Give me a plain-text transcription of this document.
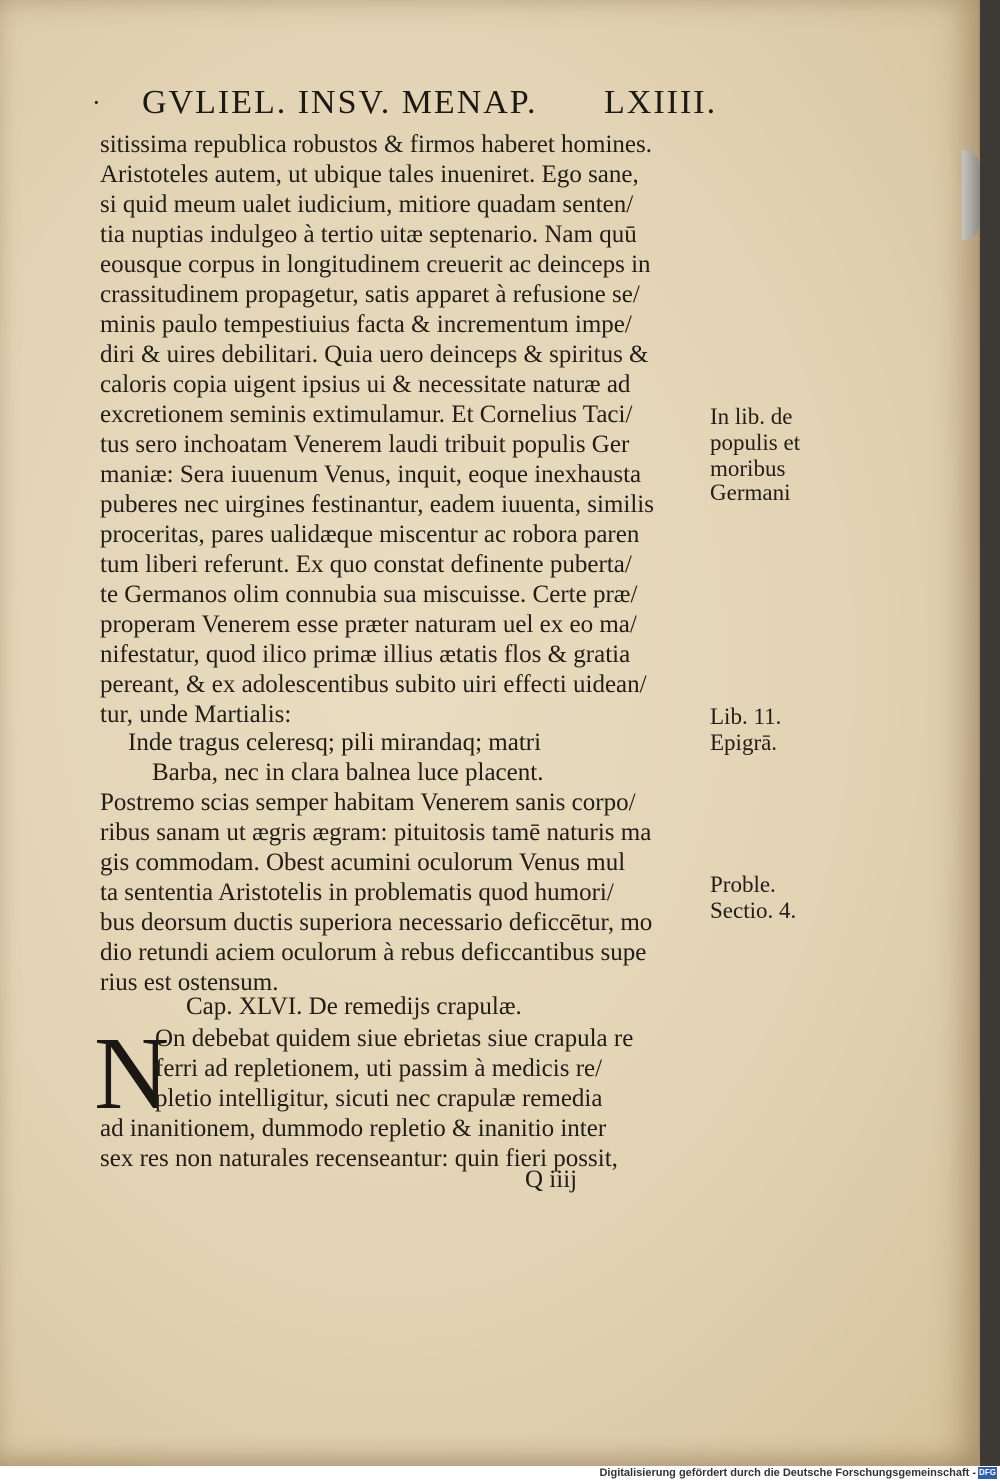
· GVLIEL. INSV. MENAP. LXIIII.
sitissima republica robustos & firmos haberet homines.
Aristoteles autem, ut ubique tales inueniret. Ego sane,
si quid meum ualet iudicium, mitiore quadam senten/
tia nuptias indulgeo à tertio uitæ septenario. Nam quū
eousque corpus in longitudinem creuerit ac deinceps in
crassitudinem propagetur, satis apparet à refusione se/
minis paulo tempestiuius facta & incrementum impe/
diri & uires debilitari. Quia uero deinceps & spiritus &
caloris copia uigent ipsius ui & necessitate naturæ ad
excretionem seminis extimulamur. Et Cornelius Taci/
tus sero inchoatam Venerem laudi tribuit populis Ger
maniæ: Sera iuuenum Venus, inquit, eoque inexhausta
puberes nec uirgines festinantur, eadem iuuenta, similis
proceritas, pares ualidæque miscentur ac robora paren
tum liberi referunt. Ex quo constat definente puberta/
te Germanos olim connubia sua miscuisse. Certe præ/
properam Venerem esse præter naturam uel ex eo ma/
nifestatur, quod ilico primæ illius ætatis flos & gratia
pereant, & ex adolescentibus subito uiri effecti uidean/
tur, unde Martialis:
Inde tragus celeresq; pili mirandaq; matri
Barba, nec in clara balnea luce placent.
Postremo scias semper habitam Venerem sanis corpo/
ribus sanam ut ægris ægram: pituitosis tamē naturis ma
gis commodam. Obest acumini oculorum Venus mul
ta sententia Aristotelis in problematis quod humori/
bus deorsum ductis superiora necessario deficcētur, mo
dio retundi aciem oculorum à rebus deficcantibus supe
rius est ostensum.
Cap. XLVI. De remedijs crapulæ.
N
On debebat quidem siue ebrietas siue crapula re
ferri ad repletionem, uti passim à medicis re/
pletio intelligitur, sicuti nec crapulæ remedia
ad inanitionem, dummodo repletio & inanitio inter
sex res non naturales recenseantur: quin fieri possit,
Q iiij
In lib. de
populis et
moribus
Germani
Lib. 11.
Epigrā.
Proble.
Sectio. 4.
Digitalisierung gefördert durch die Deutsche Forschungsgemeinschaft - DFG
